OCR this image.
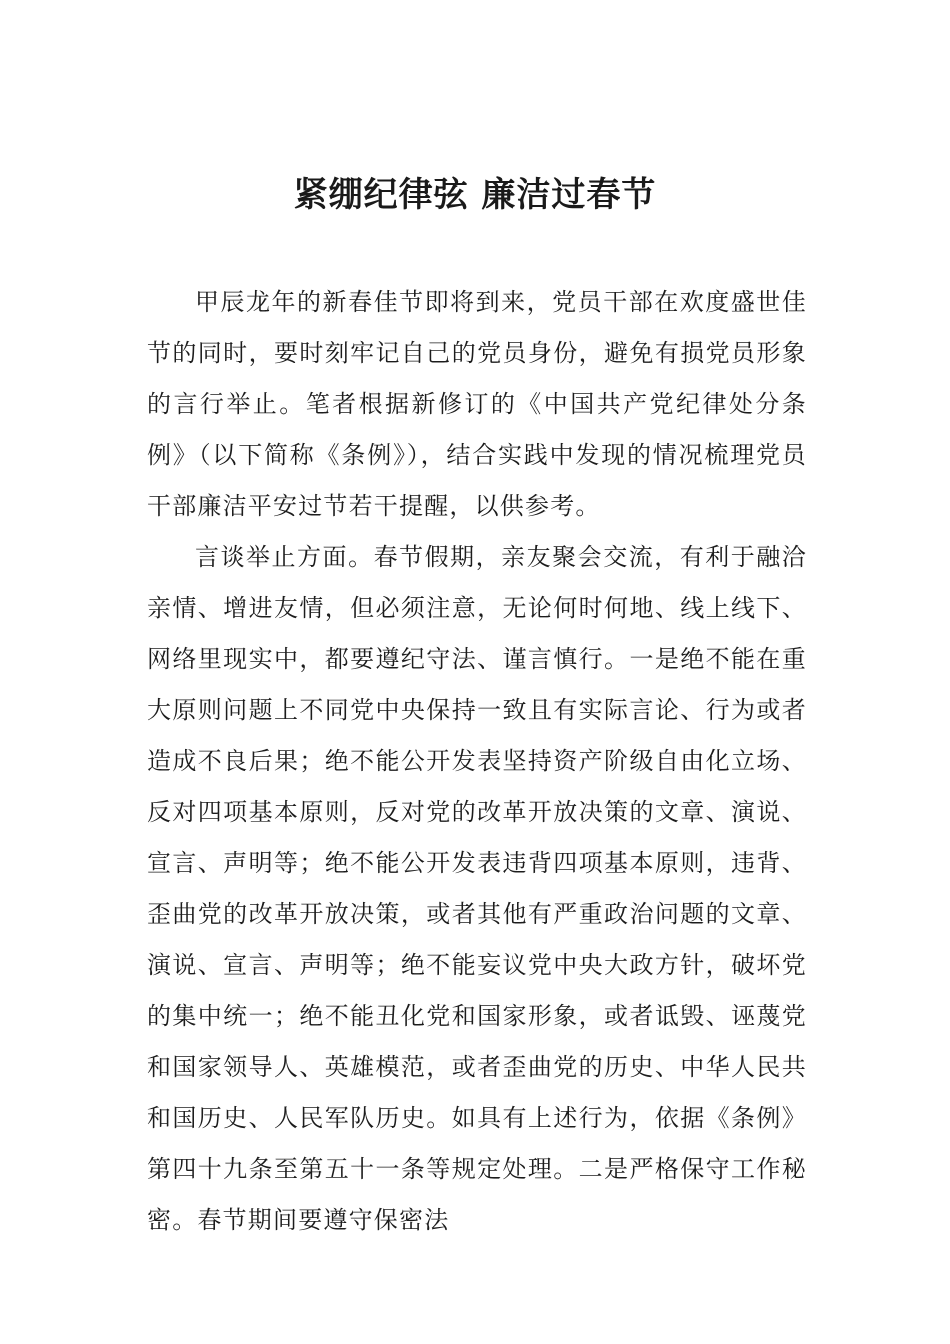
紧绷纪律弦 廉洁过春节

甲辰龙年的新春佳节即将到来，党员干部在欢度盛世佳节的同时，要时刻牢记自己的党员身份，避免有损党员形象的言行举止。笔者根据新修订的《中国共产党纪律处分条例》（以下简称《条例》），结合实践中发现的情况梳理党员干部廉洁平安过节若干提醒，以供参考。

言谈举止方面。春节假期，亲友聚会交流，有利于融洽亲情、增进友情，但必须注意，无论何时何地、线上线下、网络里现实中，都要遵纪守法、谨言慎行。一是绝不能在重大原则问题上不同党中央保持一致且有实际言论、行为或者造成不良后果；绝不能公开发表坚持资产阶级自由化立场、反对四项基本原则，反对党的改革开放决策的文章、演说、宣言、声明等；绝不能公开发表违背四项基本原则，违背、歪曲党的改革开放决策，或者其他有严重政治问题的文章、演说、宣言、声明等；绝不能妄议党中央大政方针，破坏党的集中统一；绝不能丑化党和国家形象，或者诋毁、诬蔑党和国家领导人、英雄模范，或者歪曲党的历史、中华人民共和国历史、人民军队历史。如具有上述行为，依据《条例》第四十九条至第五十一条等规定处理。二是严格保守工作秘密。春节期间要遵守保密法
